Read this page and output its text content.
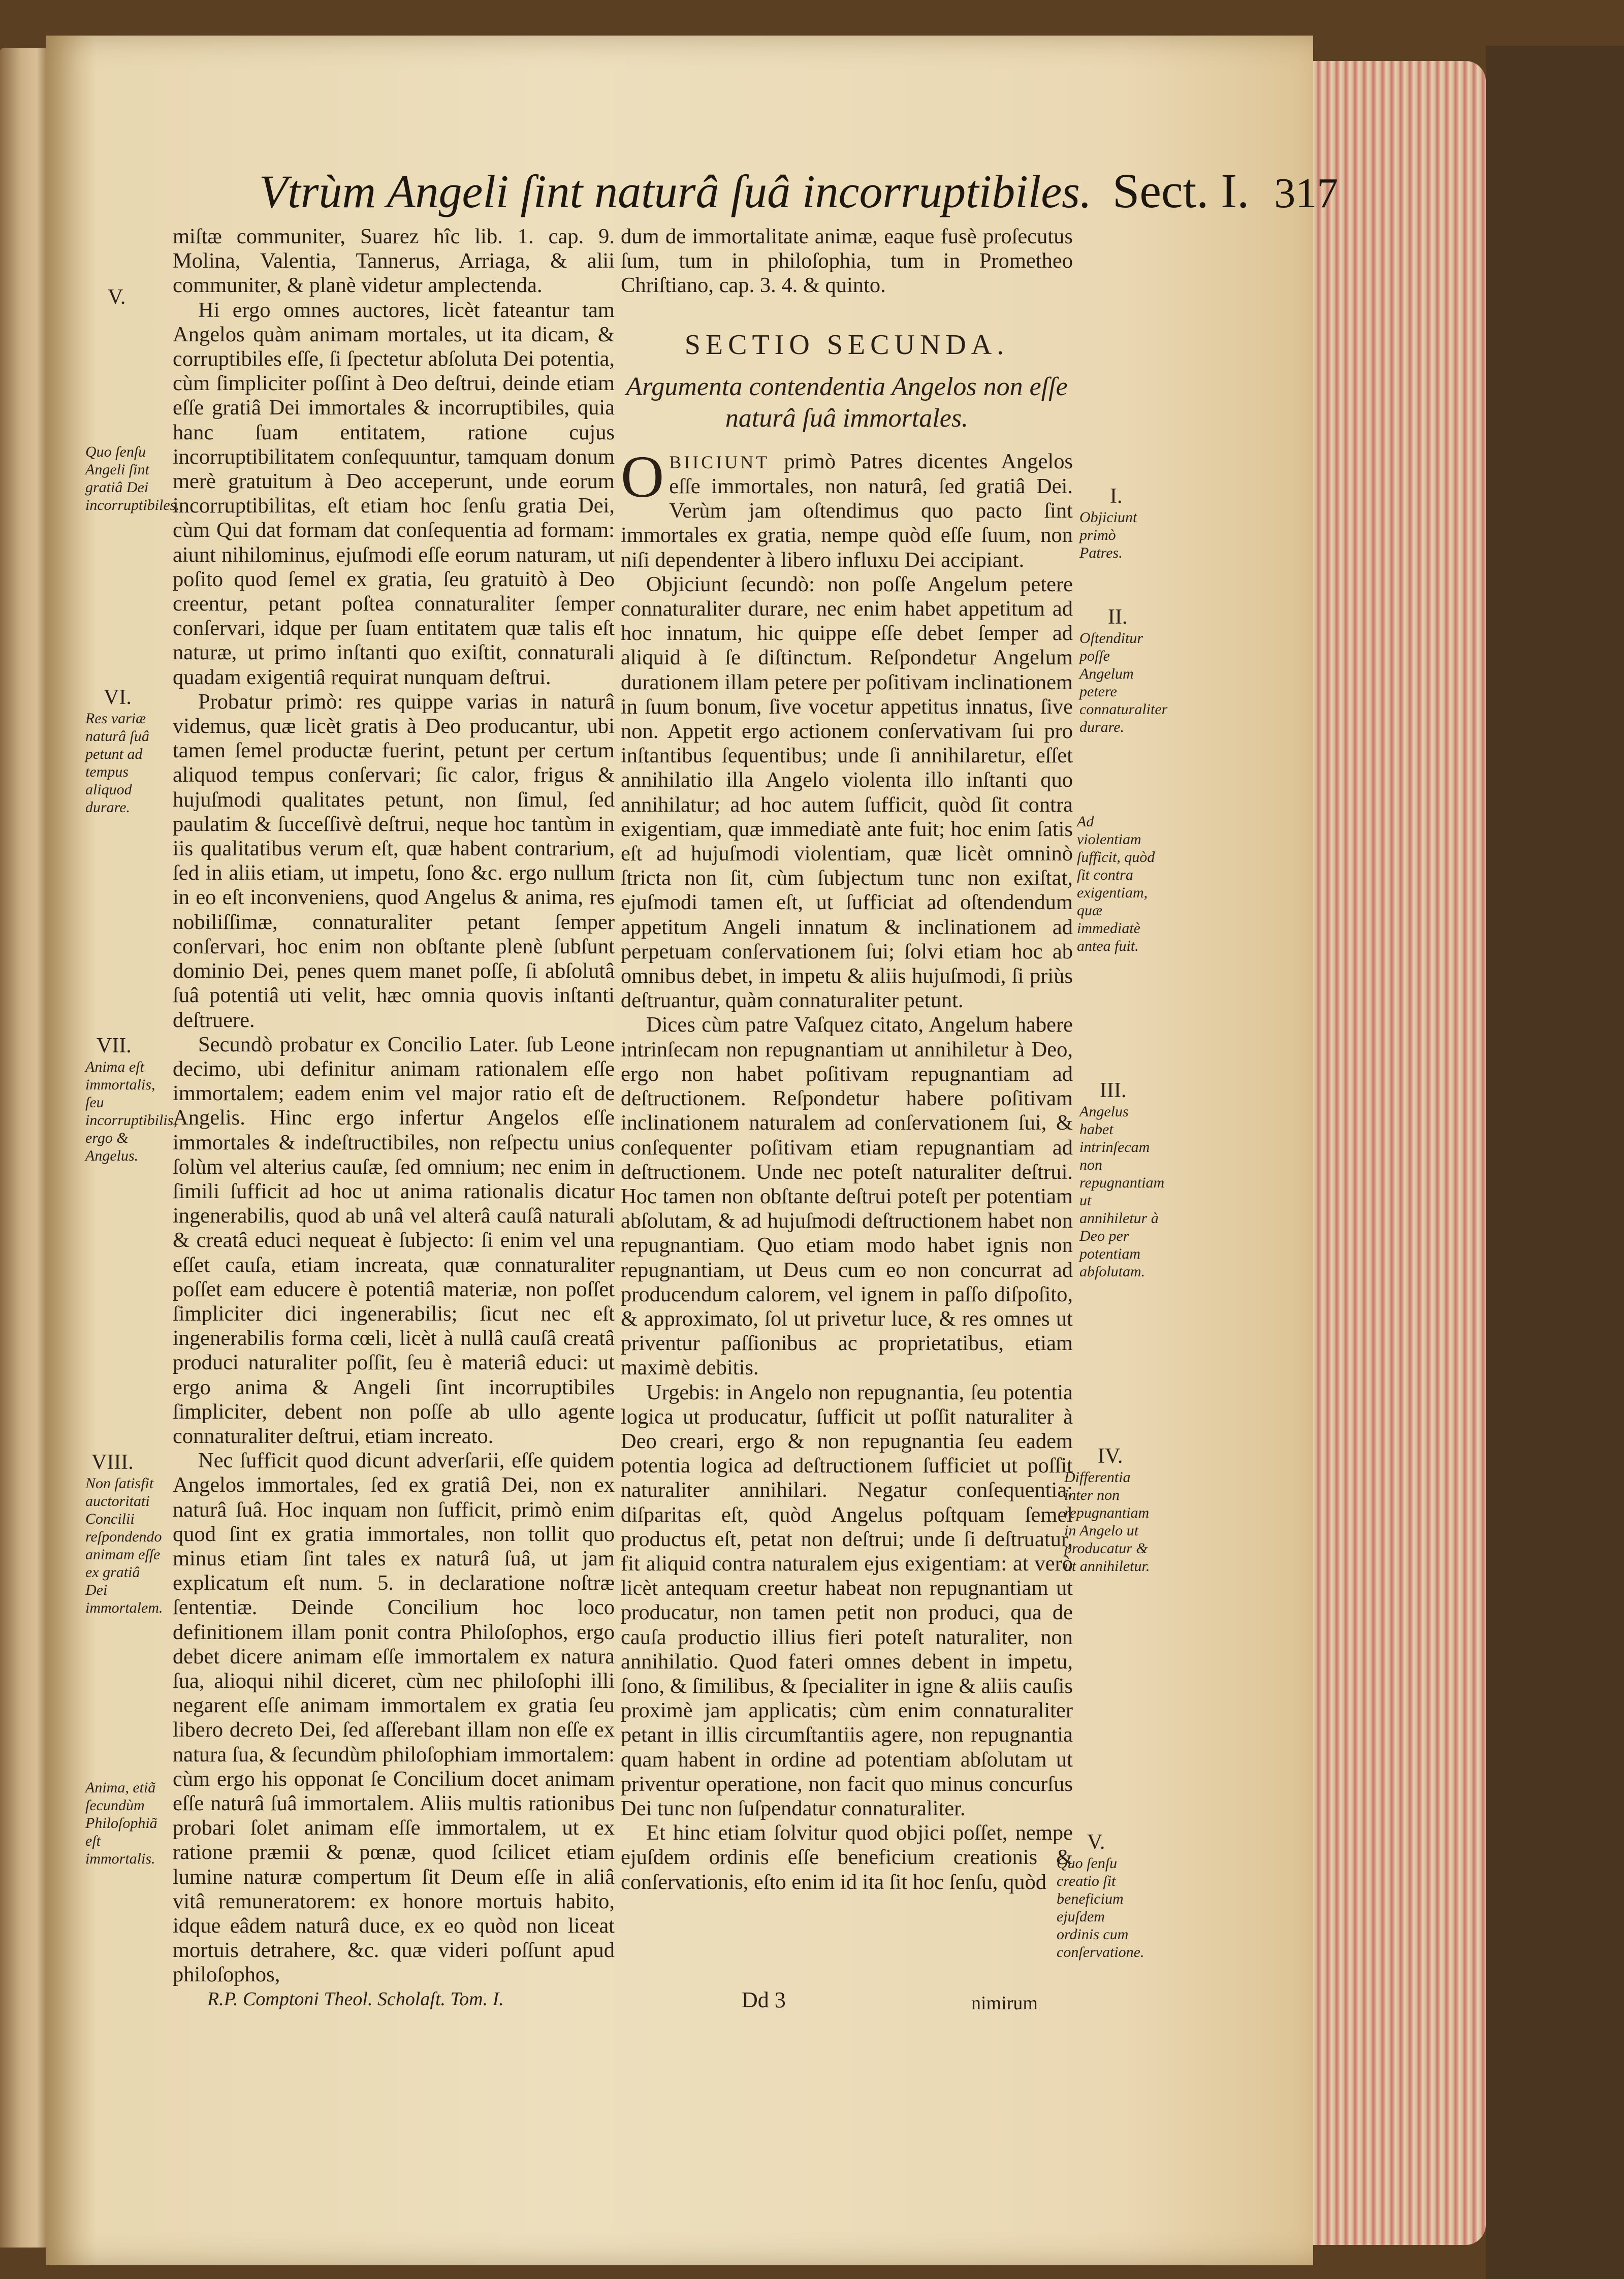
Vtrùm Angeli ſint naturâ ſuâ incorruptibiles. Sect. I. 317

miſtæ communiter, Suarez hîc lib. 1. cap. 9. Molina, Valentia, Tannerus, Arriaga, & alii communiter, & planè videtur amplectenda.

Hi ergo omnes auctores, licèt fateantur tam Angelos quàm animam mortales, ut ita dicam, & corruptibiles eſſe, ſi ſpectetur abſoluta Dei potentia, cùm ſimpliciter poſſint à Deo deſtrui, deinde etiam eſſe gratiâ Dei immortales & incorruptibiles, quia hanc ſuam entitatem, ratione cujus incorruptibilitatem conſequuntur, tamquam donum merè gratuitum à Deo acceperunt, unde eorum incorruptibilitas, eſt etiam hoc ſenſu gratia Dei, cùm Qui dat formam dat conſequentia ad formam: aiunt nihilominus, ejuſmodi eſſe eorum naturam, ut poſito quod ſemel ex gratia, ſeu gratuitò à Deo creentur, petant poſtea connaturaliter ſemper conſervari, idque per ſuam entitatem quæ talis eſt naturæ, ut primo inſtanti quo exiſtit, connaturali quadam exigentiâ requirat nunquam deſtrui.

Probatur primò: res quippe varias in naturâ videmus, quæ licèt gratis à Deo producantur, ubi tamen ſemel productæ fuerint, petunt per certum aliquod tempus conſervari; ſic calor, frigus & hujuſmodi qualitates petunt, non ſimul, ſed paulatim & ſucceſſivè deſtrui, neque hoc tantùm in iis qualitatibus verum eſt, quæ habent contrarium, ſed in aliis etiam, ut impetu, ſono &c. ergo nullum in eo eſt inconveniens, quod Angelus & anima, res nobiliſſimæ, connaturaliter petant ſemper conſervari, hoc enim non obſtante plenè ſubſunt dominio Dei, penes quem manet poſſe, ſi abſolutâ ſuâ potentiâ uti velit, hæc omnia quovis inſtanti deſtruere.

Secundò probatur ex Concilio Later. ſub Leone decimo, ubi definitur animam rationalem eſſe immortalem; eadem enim vel major ratio eſt de Angelis. Hinc ergo infertur Angelos eſſe immortales & indeſtructibiles, non reſpectu unius ſolùm vel alterius cauſæ, ſed omnium; nec enim in ſimili ſufficit ad hoc ut anima rationalis dicatur ingenerabilis, quod ab unâ vel alterâ cauſâ naturali & creatâ educi nequeat è ſubjecto: ſi enim vel una eſſet cauſa, etiam increata, quæ connaturaliter poſſet eam educere è potentiâ materiæ, non poſſet ſimpliciter dici ingenerabilis; ſicut nec eſt ingenerabilis forma cœli, licèt à nullâ cauſâ creatâ produci naturaliter poſſit, ſeu è materiâ educi: ut ergo anima & Angeli ſint incorruptibiles ſimpliciter, debent non poſſe ab ullo agente connaturaliter deſtrui, etiam increato.

Nec ſufficit quod dicunt adverſarii, eſſe quidem Angelos immortales, ſed ex gratiâ Dei, non ex naturâ ſuâ. Hoc inquam non ſufficit, primò enim quod ſint ex gratia immortales, non tollit quo minus etiam ſint tales ex naturâ ſuâ, ut jam explicatum eſt num. 5. in declaratione noſtræ ſententiæ. Deinde Concilium hoc loco definitionem illam ponit contra Philoſophos, ergo debet dicere animam eſſe immortalem ex natura ſua, alioqui nihil diceret, cùm nec philoſophi illi negarent eſſe animam immortalem ex gratia ſeu libero decreto Dei, ſed aſſerebant illam non eſſe ex natura ſua, & ſecundùm philoſophiam immortalem: cùm ergo his opponat ſe Concilium docet animam eſſe naturâ ſuâ immortalem. Aliis multis rationibus probari ſolet animam eſſe immortalem, ut ex ratione præmii & pœnæ, quod ſcilicet etiam lumine naturæ compertum ſit Deum eſſe in aliâ vitâ remuneratorem: ex honore mortuis habito, idque eâdem naturâ duce, ex eo quòd non liceat mortuis detrahere, &c. quæ videri poſſunt apud philoſophos,

dum de immortalitate animæ, eaque fusè proſecutus ſum, tum in philoſophia, tum in Prometheo Chriſtiano, cap. 3. 4. & quinto.

SECTIO SECUNDA.
Argumenta contendentia Angelos non eſſe naturâ ſuâ immortales.

OBIICIUNT primò Patres dicentes Angelos eſſe immortales, non naturâ, ſed gratiâ Dei. Verùm jam oſtendimus quo pacto ſint immortales ex gratia, nempe quòd eſſe ſuum, non niſi dependenter à libero influxu Dei accipiant.

Objiciunt ſecundò: non poſſe Angelum petere connaturaliter durare, nec enim habet appetitum ad hoc innatum, hic quippe eſſe debet ſemper ad aliquid à ſe diſtinctum. Reſpondetur Angelum durationem illam petere per poſitivam inclinationem in ſuum bonum, ſive vocetur appetitus innatus, ſive non. Appetit ergo actionem conſervativam ſui pro inſtantibus ſequentibus; unde ſi annihilaretur, eſſet annihilatio illa Angelo violenta illo inſtanti quo annihilatur; ad hoc autem ſufficit, quòd ſit contra exigentiam, quæ immediatè ante fuit; hoc enim ſatis eſt ad hujuſmodi violentiam, quæ licèt omninò ſtricta non ſit, cùm ſubjectum tunc non exiſtat, ejuſmodi tamen eſt, ut ſufficiat ad oſtendendum appetitum Angeli innatum & inclinationem ad perpetuam conſervationem ſui; ſolvi etiam hoc ab omnibus debet, in impetu & aliis hujuſmodi, ſi priùs deſtruantur, quàm connaturaliter petunt.

Dices cùm patre Vaſquez citato, Angelum habere intrinſecam non repugnantiam ut annihiletur à Deo, ergo non habet poſitivam repugnantiam ad deſtructionem. Reſpondetur habere poſitivam inclinationem naturalem ad conſervationem ſui, & conſequenter poſitivam etiam repugnantiam ad deſtructionem. Unde nec poteſt naturaliter deſtrui. Hoc tamen non obſtante deſtrui poteſt per potentiam abſolutam, & ad hujuſmodi deſtructionem habet non repugnantiam. Quo etiam modo habet ignis non repugnantiam, ut Deus cum eo non concurrat ad producendum calorem, vel ignem in paſſo diſpoſito, & approximato, ſol ut privetur luce, & res omnes ut priventur paſſionibus ac proprietatibus, etiam maximè debitis.

Urgebis: in Angelo non repugnantia, ſeu potentia logica ut producatur, ſufficit ut poſſit naturaliter à Deo creari, ergo & non repugnantia ſeu eadem potentia logica ad deſtructionem ſufficiet ut poſſit naturaliter annihilari. Negatur conſequentia: diſparitas eſt, quòd Angelus poſtquam ſemel productus eſt, petat non deſtrui; unde ſi deſtruatur, fit aliquid contra naturalem ejus exigentiam: at verò licèt antequam creetur habeat non repugnantiam ut producatur, non tamen petit non produci, qua de cauſa productio illius fieri poteſt naturaliter, non annihilatio. Quod fateri omnes debent in impetu, ſono, & ſimilibus, & ſpecialiter in igne & aliis cauſis proximè jam applicatis; cùm enim connaturaliter petant in illis circumſtantiis agere, non repugnantia quam habent in ordine ad potentiam abſolutam ut priventur operatione, non facit quo minus concurſus Dei tunc non ſuſpendatur connaturaliter.

Et hinc etiam ſolvitur quod objici poſſet, nempe ejuſdem ordinis eſſe beneficium creationis & conſervationis, eſto enim id ita ſit hoc ſenſu, quòd

V.
Quo ſenſu Angeli ſint gratiâ Dei incorruptibiles.
VI.
Res variæ naturâ ſuâ petunt ad tempus aliquod durare.
VII.
Anima eſt immortalis, ſeu incorruptibilis; ergo & Angelus.
VIII.
Non ſatisfit auctoritati Concilii reſpondendo animam eſſe ex gratiâ Dei immortalem.
Anima, etiã ſecundùm Philoſophiã eſt immortalis.
I.
Objiciunt primò Patres.
II.
Oſtenditur poſſe Angelum petere connaturaliter durare.
Ad violentiam ſufficit, quòd ſit contra exigentiam, quæ immediatè antea fuit.
III.
Angelus habet intrinſecam non repugnantiam ut annihiletur à Deo per potentiam abſolutam.
IV.
Differentia inter non repugnantiam in Angelo ut producatur & ut annihiletur.
V.
Quo ſenſu creatio ſit beneficium ejuſdem ordinis cum conſervatione.
R.P. Comptoni Theol. Scholaſt. Tom. I.	Dd 3	nimirum
